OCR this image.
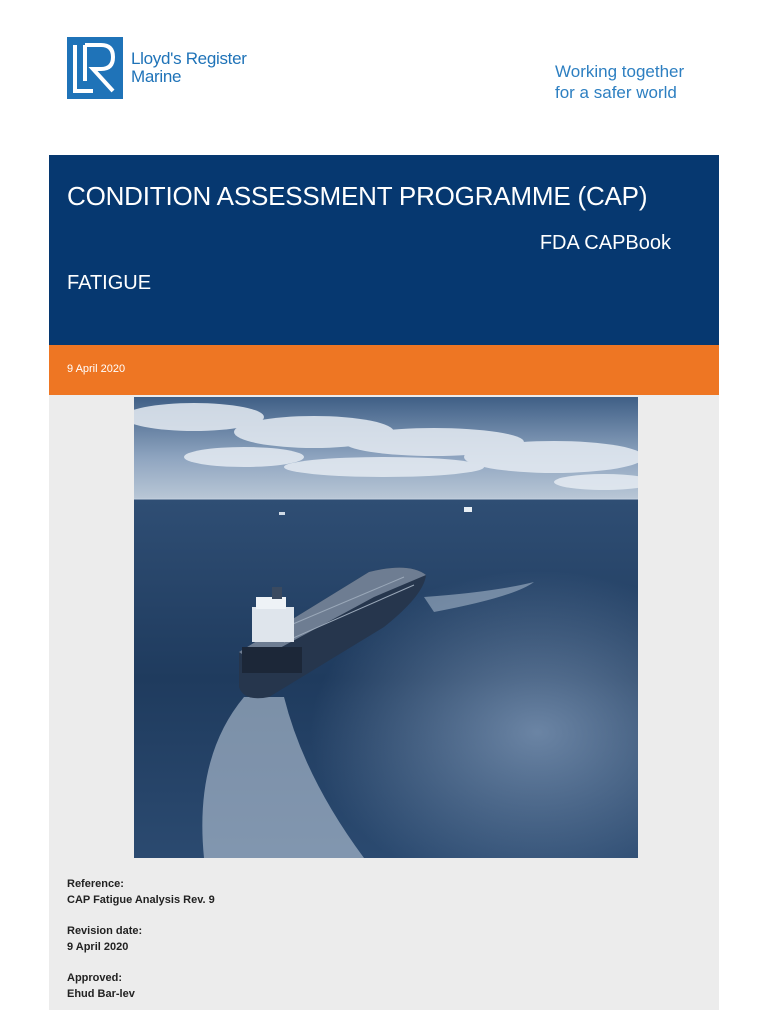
Lloyd's Register
Marine	Working together
for a safer world
CONDITION ASSESSMENT PROGRAMME (CAP)
FDA CAPBook
FATIGUE
9 April 2020
Reference:
CAP Fatigue Analysis Rev. 9
Revision date:
9 April 2020
Approved:
Ehud Bar-lev
